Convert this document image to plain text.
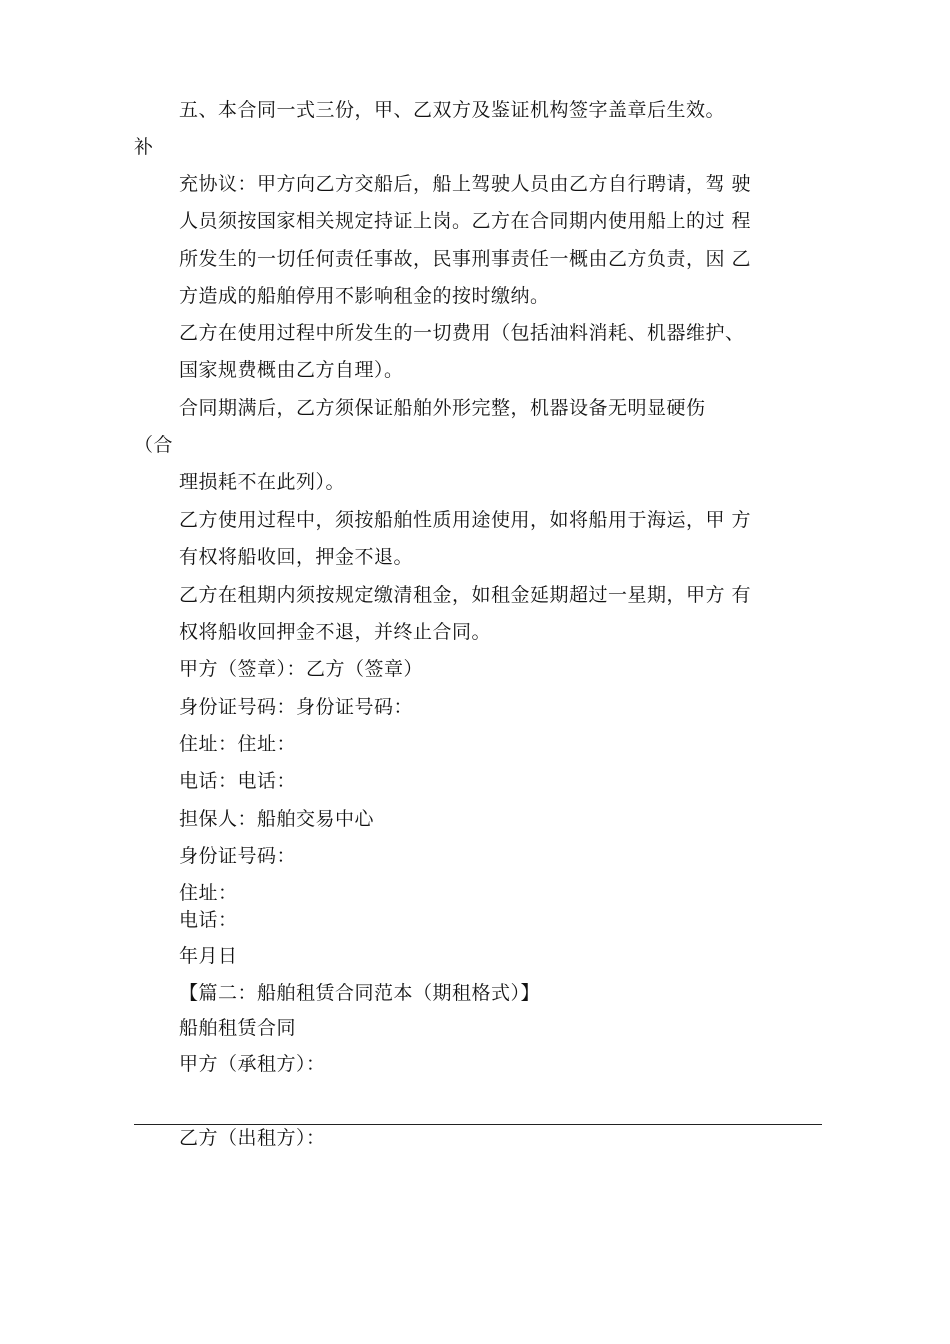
五、本合同一式三份，甲、乙双方及鉴证机构签字盖章后生效。
补
充协议：甲方向乙方交船后，船上驾驶人员由乙方自行聘请，驾 驶
人员须按国家相关规定持证上岗。乙方在合同期内使用船上的过 程
所发生的一切任何责任事故，民事刑事责任一概由乙方负责，因 乙
方造成的船舶停用不影响租金的按时缴纳。
乙方在使用过程中所发生的一切费用（包括油料消耗、机器维护、
国家规费概由乙方自理）。
合同期满后，乙方须保证船舶外形完整，机器设备无明显硬伤
（合
理损耗不在此列）。
乙方使用过程中，须按船舶性质用途使用，如将船用于海运，甲 方
有权将船收回，押金不退。
乙方在租期内须按规定缴清租金，如租金延期超过一星期，甲方 有
权将船收回押金不退，并终止合同。
甲方（签章）：乙方（签章）
身份证号码：身份证号码：
住址：住址：
电话：电话：
担保人：船舶交易中心
身份证号码：
住址：
电话：
年月日
【篇二：船舶租赁合同范本（期租格式）】
船舶租赁合同
甲方（承租方）：
乙方（出租方）：
